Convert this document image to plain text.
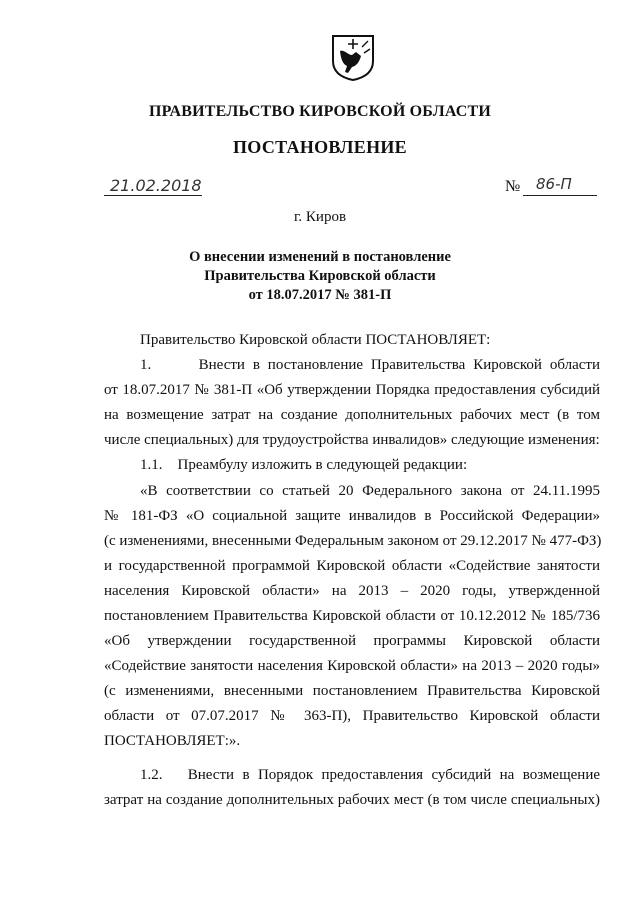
ПРАВИТЕЛЬСТВО КИРОВСКОЙ ОБЛАСТИ
ПОСТАНОВЛЕНИЕ
21.02.2018	№ 86-П
г. Киров
О внесении изменений в постановление
Правительства Кировской области
от 18.07.2017 № 381-П
Правительство Кировской области ПОСТАНОВЛЯЕТ:
1.      Внести в постановление Правительства Кировской области
от 18.07.2017 № 381-П «Об утверждении Порядка предоставления субсидий
на возмещение затрат на создание дополнительных рабочих мест (в том
числе специальных) для трудоустройства инвалидов» следующие изменения:
1.1.    Преамбулу изложить в следующей редакции:
«В соответствии со статьей 20 Федерального закона от 24.11.1995
№ 181-ФЗ «О социальной защите инвалидов в Российской Федерации»
(с изменениями, внесенными Федеральным законом от 29.12.2017 № 477-ФЗ)
и государственной программой Кировской области «Содействие занятости
населения Кировской области» на 2013 – 2020 годы, утвержденной
постановлением Правительства Кировской области от 10.12.2012 № 185/736
«Об утверждении государственной программы Кировской области
«Содействие занятости населения Кировской области» на 2013 – 2020 годы»
(с изменениями, внесенными постановлением Правительства Кировской
области от 07.07.2017 № 363-П), Правительство Кировской области
ПОСТАНОВЛЯЕТ:».
1.2.   Внести в Порядок предоставления субсидий на возмещение
затрат на создание дополнительных рабочих мест (в том числе специальных)
